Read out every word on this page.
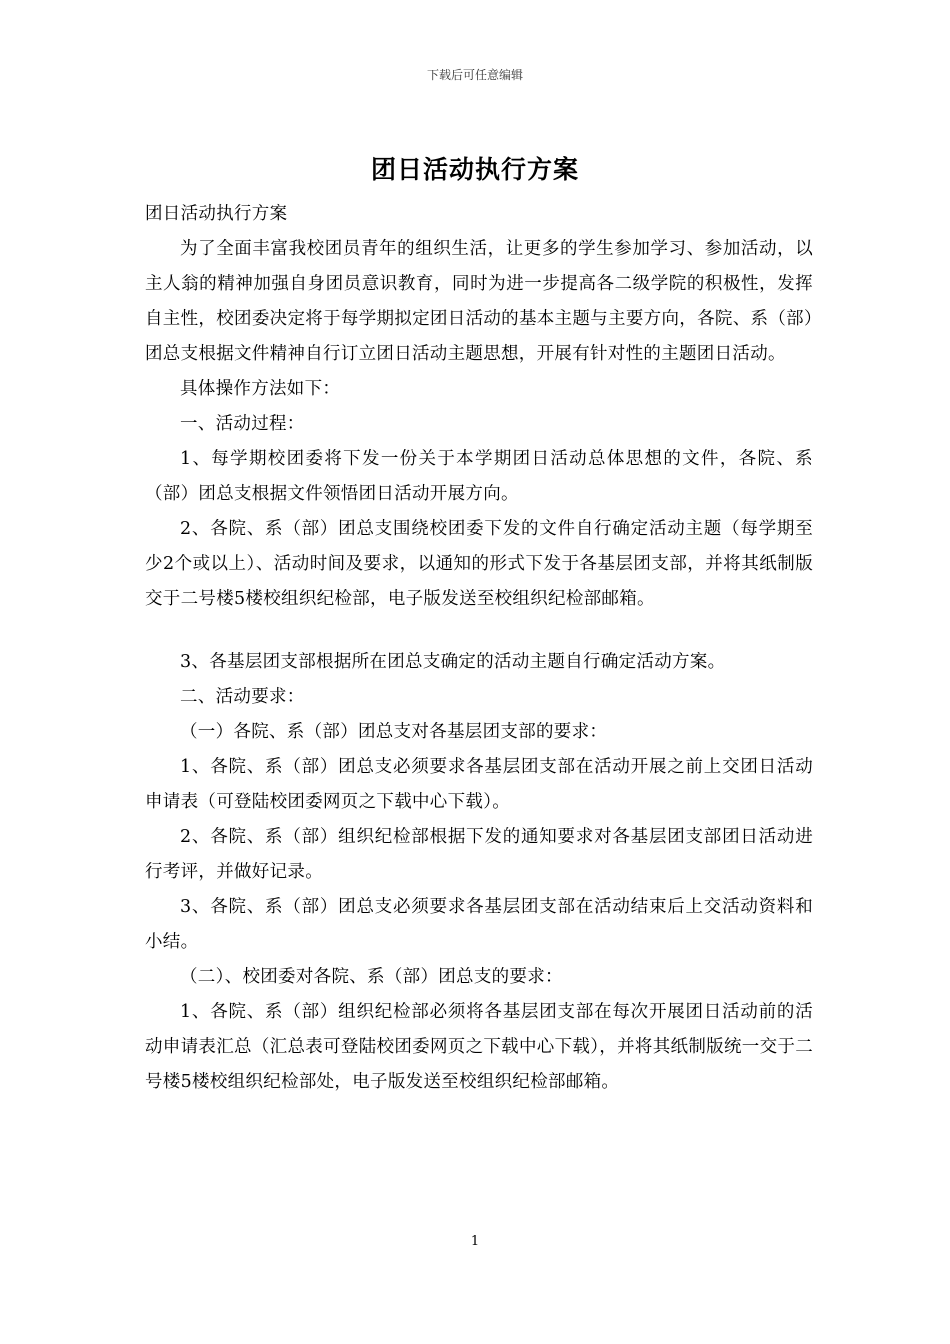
下载后可任意编辑
团日活动执行方案

团日活动执行方案

为了全面丰富我校团员青年的组织生活，让更多的学生参加学习、参加活动，以主人翁的精神加强自身团员意识教育，同时为进一步提高各二级学院的积极性，发挥自主性，校团委决定将于每学期拟定团日活动的基本主题与主要方向，各院、系（部）团总支根据文件精神自行订立团日活动主题思想，开展有针对性的主题团日活动。

具体操作方法如下：

一、活动过程：

1、每学期校团委将下发一份关于本学期团日活动总体思想的文件，各院、系（部）团总支根据文件领悟团日活动开展方向。

2、各院、系（部）团总支围绕校团委下发的文件自行确定活动主题（每学期至少2个或以上）、活动时间及要求，以通知的形式下发于各基层团支部，并将其纸制版交于二号楼5楼校组织纪检部，电子版发送至校组织纪检部邮箱。

3、各基层团支部根据所在团总支确定的活动主题自行确定活动方案。

二、活动要求：

（一）各院、系（部）团总支对各基层团支部的要求：

1、各院、系（部）团总支必须要求各基层团支部在活动开展之前上交团日活动申请表（可登陆校团委网页之下载中心下载）。

2、各院、系（部）组织纪检部根据下发的通知要求对各基层团支部团日活动进行考评，并做好记录。

3、各院、系（部）团总支必须要求各基层团支部在活动结束后上交活动资料和小结。

（二）、校团委对各院、系（部）团总支的要求：

1、各院、系（部）组织纪检部必须将各基层团支部在每次开展团日活动前的活动申请表汇总（汇总表可登陆校团委网页之下载中心下载），并将其纸制版统一交于二号楼5楼校组织纪检部处，电子版发送至校组织纪检部邮箱。

1
